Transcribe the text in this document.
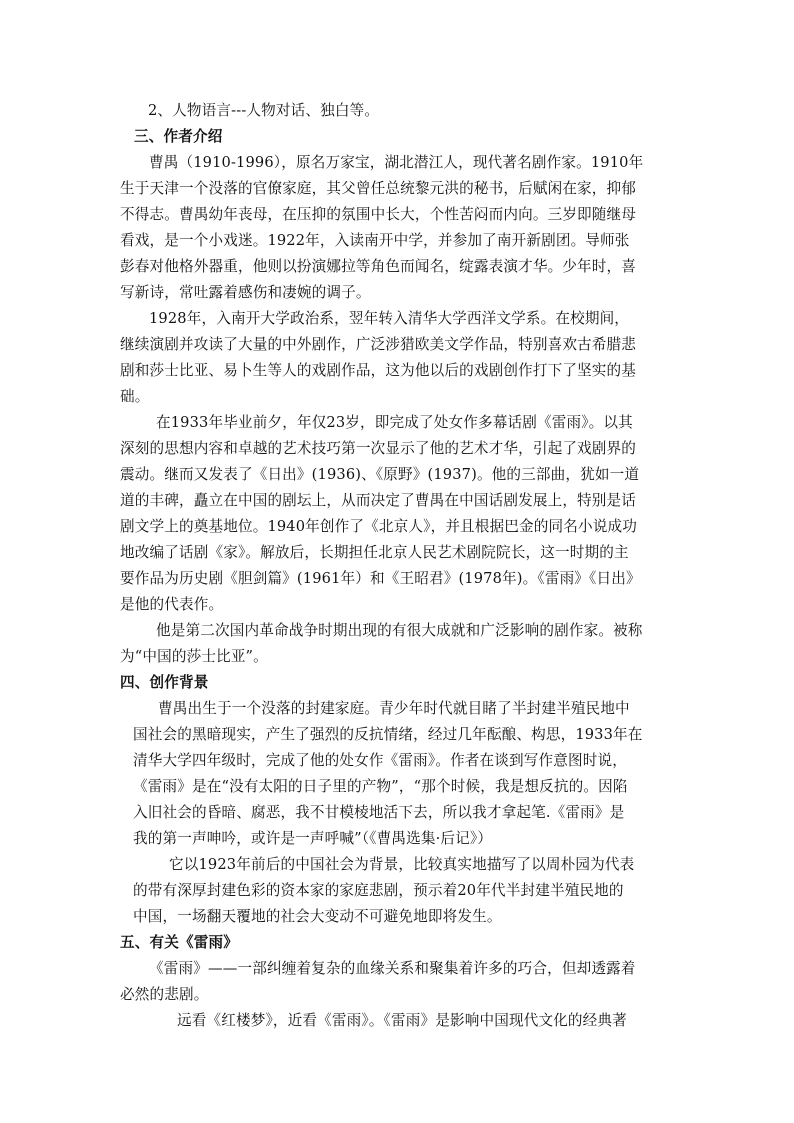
2、人物语言---人物对话、独白等。
三、作者介绍
曹禺（1910-1996），原名万家宝，湖北潜江人，现代著名剧作家。1910年
生于天津一个没落的官僚家庭，其父曾任总统黎元洪的秘书，后赋闲在家，抑郁
不得志。曹禺幼年丧母，在压抑的氛围中长大，个性苦闷而内向。三岁即随继母
看戏，是一个小戏迷。1922年，入读南开中学，并参加了南开新剧团。导师张
彭春对他格外器重，他则以扮演娜拉等角色而闻名，绽露表演才华。少年时，喜
写新诗，常吐露着感伤和凄婉的调子。
1928年，入南开大学政治系，翌年转入清华大学西洋文学系。在校期间，
继续演剧并攻读了大量的中外剧作，广泛涉猎欧美文学作品，特别喜欢古希腊悲
剧和莎士比亚、易卜生等人的戏剧作品，这为他以后的戏剧创作打下了坚实的基
础。
在1933年毕业前夕，年仅23岁，即完成了处女作多幕话剧《雷雨》。以其
深刻的思想内容和卓越的艺术技巧第一次显示了他的艺术才华，引起了戏剧界的
震动。继而又发表了《日出》(1936)、《原野》(1937)。他的三部曲，犹如一道
道的丰碑，矗立在中国的剧坛上，从而决定了曹禺在中国话剧发展上，特别是话
剧文学上的奠基地位。1940年创作了《北京人》，并且根据巴金的同名小说成功
地改编了话剧《家》。解放后，长期担任北京人民艺术剧院院长，这一时期的主
要作品为历史剧《胆剑篇》(1961年）和《王昭君》(1978年)。《雷雨》《日出》
是他的代表作。
他是第二次国内革命战争时期出现的有很大成就和广泛影响的剧作家。被称
为“中国的莎士比亚”。
四、创作背景
曹禺出生于一个没落的封建家庭。青少年时代就目睹了半封建半殖民地中
国社会的黑暗现实，产生了强烈的反抗情绪，经过几年酝酿、构思，1933年在
清华大学四年级时，完成了他的处女作《雷雨》。作者在谈到写作意图时说，
《雷雨》是在“没有太阳的日子里的产物”，“那个时候，我是想反抗的。因陷
入旧社会的昏暗、腐恶，我不甘模棱地活下去，所以我才拿起笔.《雷雨》是
我的第一声呻吟，或许是一声呼喊”（《曹禺选集·后记》）
它以1923年前后的中国社会为背景，比较真实地描写了以周朴园为代表
的带有深厚封建色彩的资本家的家庭悲剧，预示着20年代半封建半殖民地的
中国，一场翻天覆地的社会大变动不可避免地即将发生。
五、有关《雷雨》
《雷雨》——一部纠缠着复杂的血缘关系和聚集着许多的巧合，但却透露着
必然的悲剧。
远看《红楼梦》，近看《雷雨》。《雷雨》是影响中国现代文化的经典著
